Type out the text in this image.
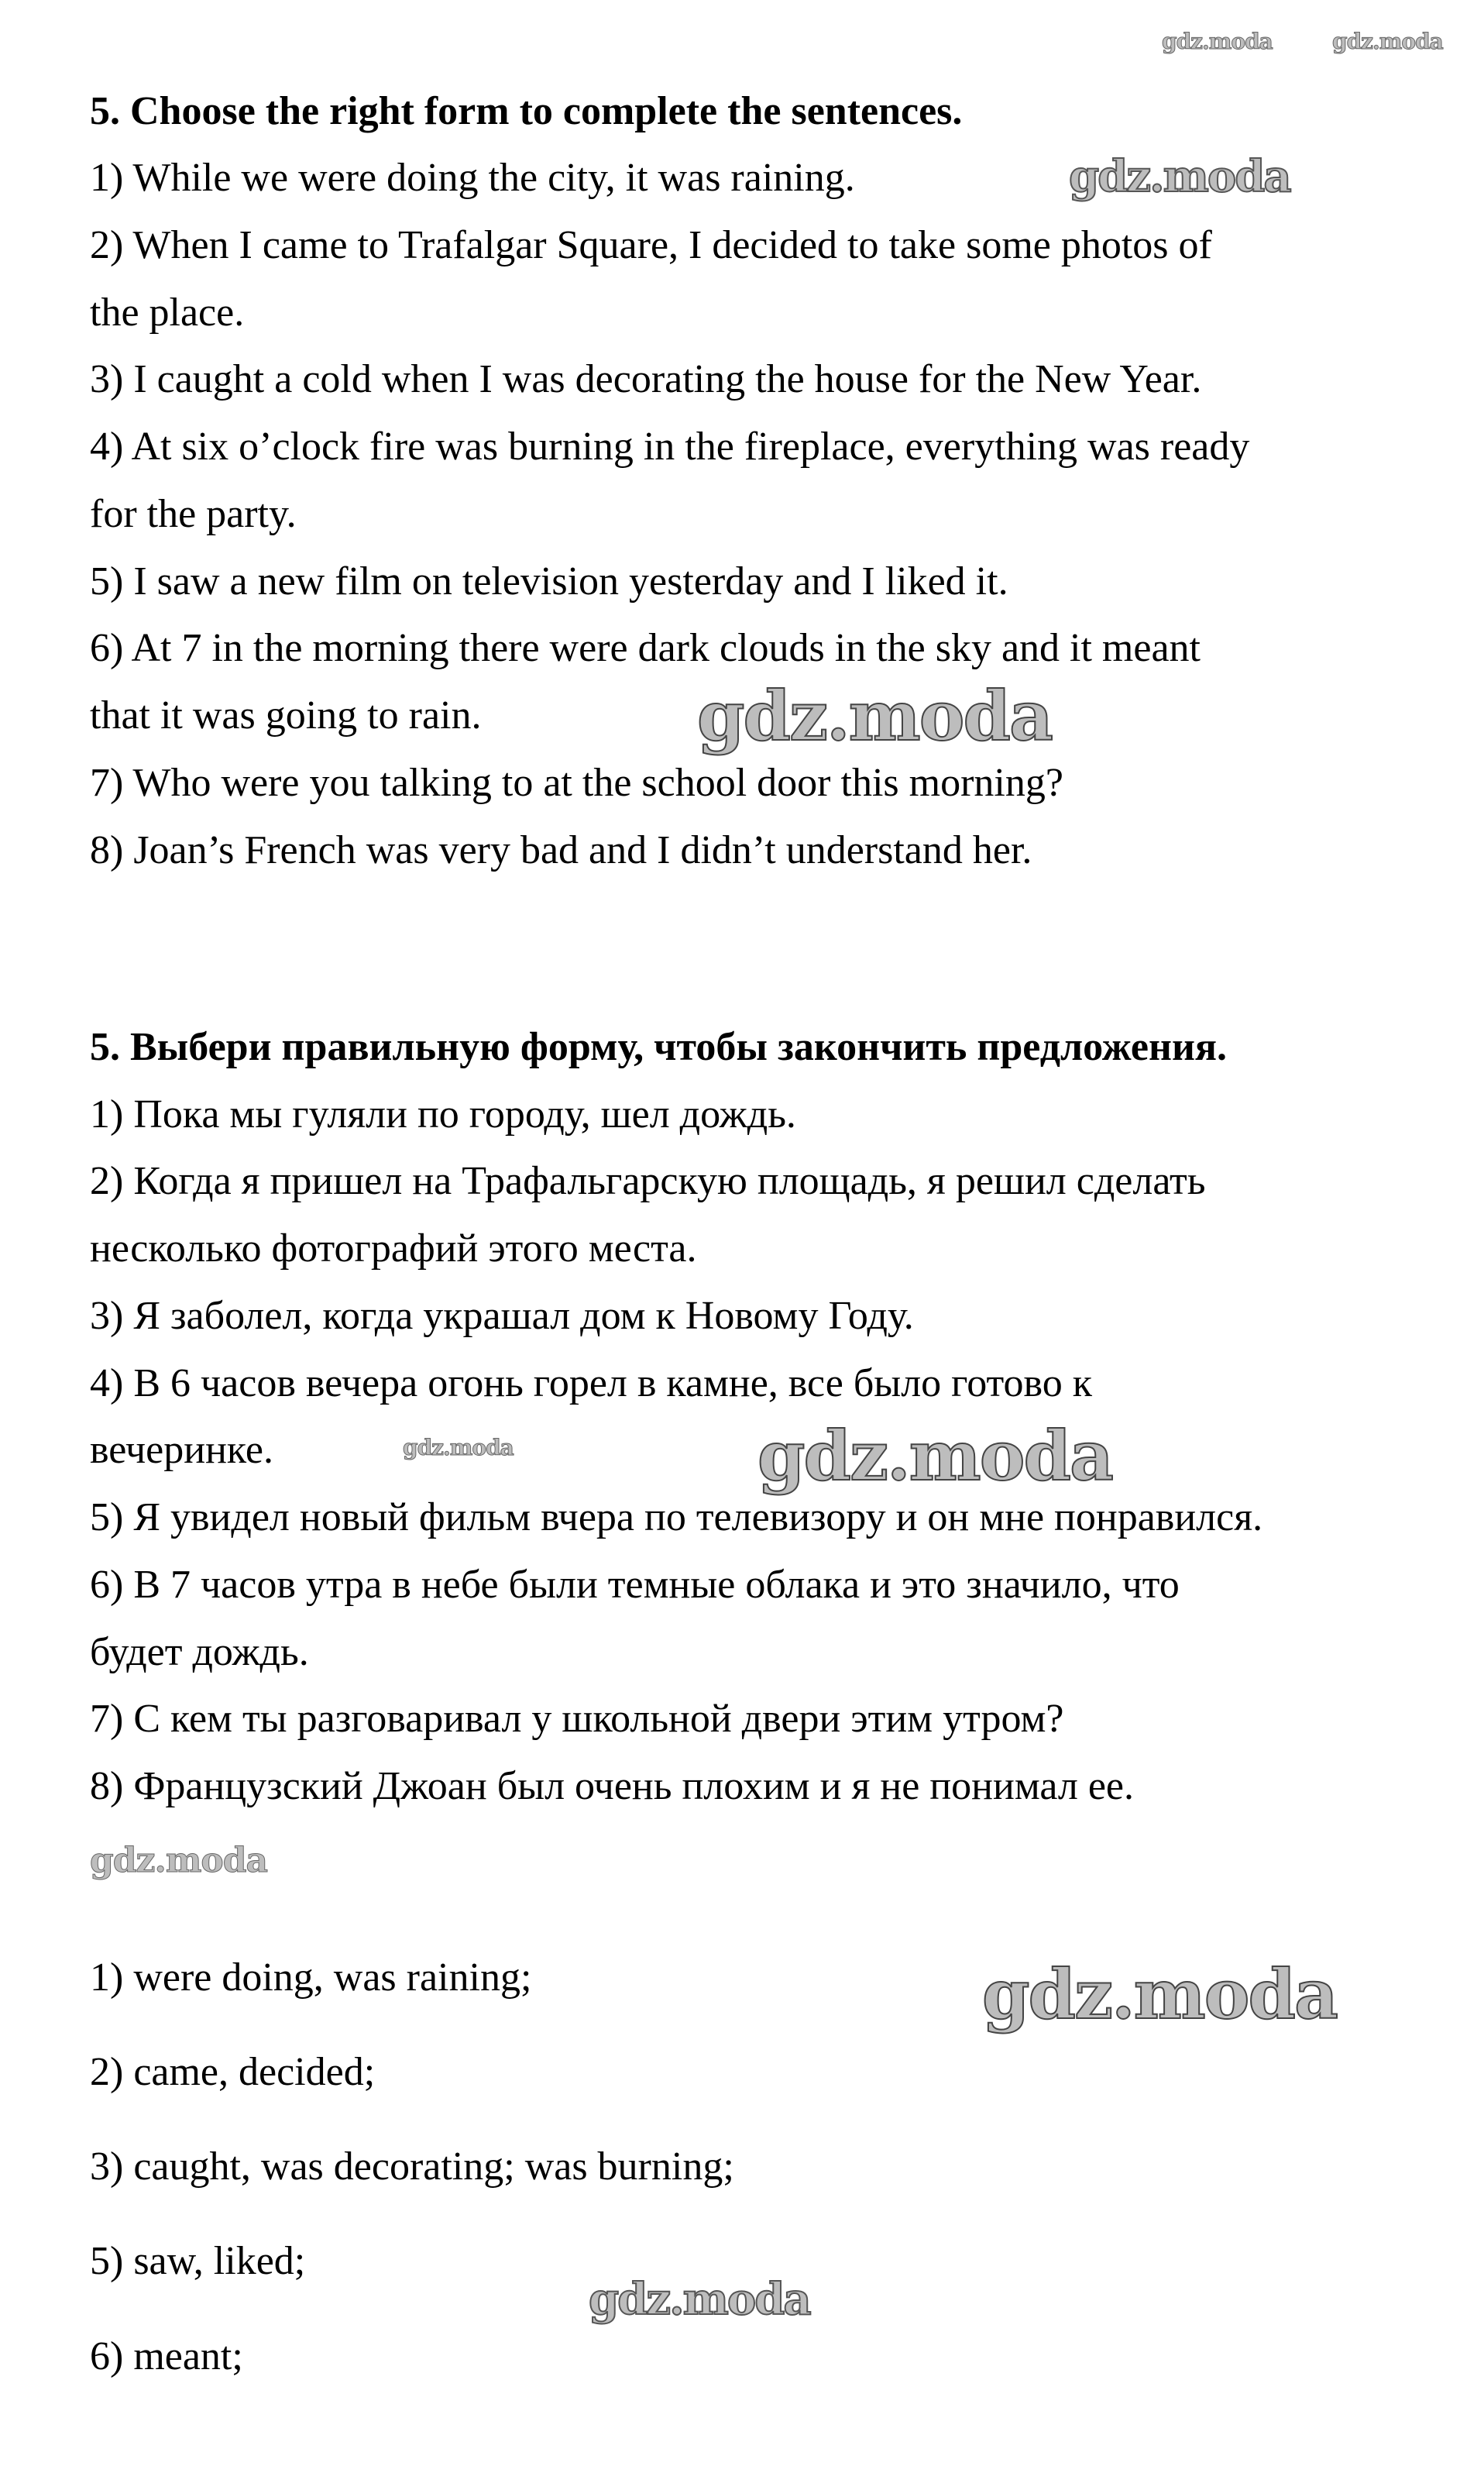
5. Choose the right form to complete the sentences.
1) While we were doing the city, it was raining.
2) When I came to Trafalgar Square, I decided to take some photos of
the place.
3) I caught a cold when I was decorating the house for the New Year.
4) At six o’clock fire was burning in the fireplace, everything was ready
for the party.
5) I saw a new film on television yesterday and I liked it.
6) At 7 in the morning there were dark clouds in the sky and it meant
that it was going to rain.
7) Who were you talking to at the school door this morning?
8) Joan’s French was very bad and I didn’t understand her.
5. Выбери правильную форму, чтобы закончить предложения.
1) Пока мы гуляли по городу, шел дождь.
2) Когда я пришел на Трафальгарскую площадь, я решил сделать
несколько фотографий этого места.
3) Я заболел, когда украшал дом к Новому Году.
4) В 6 часов вечера огонь горел в камне, все было готово к
вечеринке.
5) Я увидел новый фильм вчера по телевизору и он мне понравился.
6) В 7 часов утра в небе были темные облака и это значило, что
будет дождь.
7) С кем ты разговаривал у школьной двери этим утром?
8) Французский Джоан был очень плохим и я не понимал ее.
1) were doing, was raining;
2) came, decided;
3) caught, was decorating; was burning;
5) saw, liked;
6) meant;
gdz.moda	gdz.moda
gdz.moda
gdz.moda
gdz.moda	gdz.moda
gdz.moda
gdz.moda
gdz.moda
